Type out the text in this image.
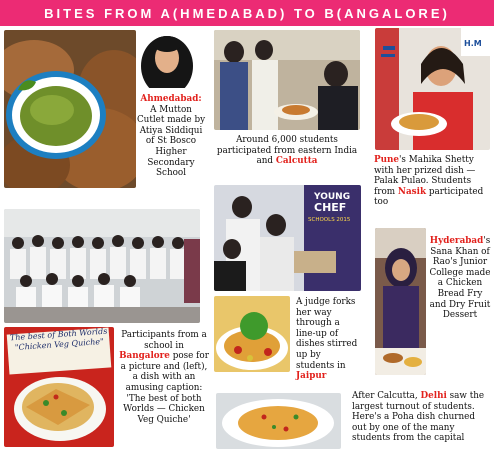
BITES FROM A(HMEDABAD) TO B(ANGALORE)
Ahmedabad: A Mutton Cutlet made by Atiya Siddiqui of St Bosco Higher Secondary School
Around 6,000 students participated from eastern India and Calcutta
H.M
Pune's Mahika Shetty with her prized dish — Palak Pulao. Students from Nasik participated too
YOUNG
CHEF
SCHOOLS 2015
The best of Both Worlds "Chicken Veg Quiche"
Participants from a school in Bangalore pose for a picture and (left), a dish with an amusing caption: 'The best of both Worlds — Chicken Veg Quiche'
A judge forks her way through a line-up of dishes stirred up by students in Jaipur
Hyderabad's Sana Khan of Rao's Junior College made a Chicken Bread Fry and Dry Fruit Dessert
After Calcutta, Delhi saw the largest turnout of students. Here's a Poha dish churned out by one of the many students from the capital
